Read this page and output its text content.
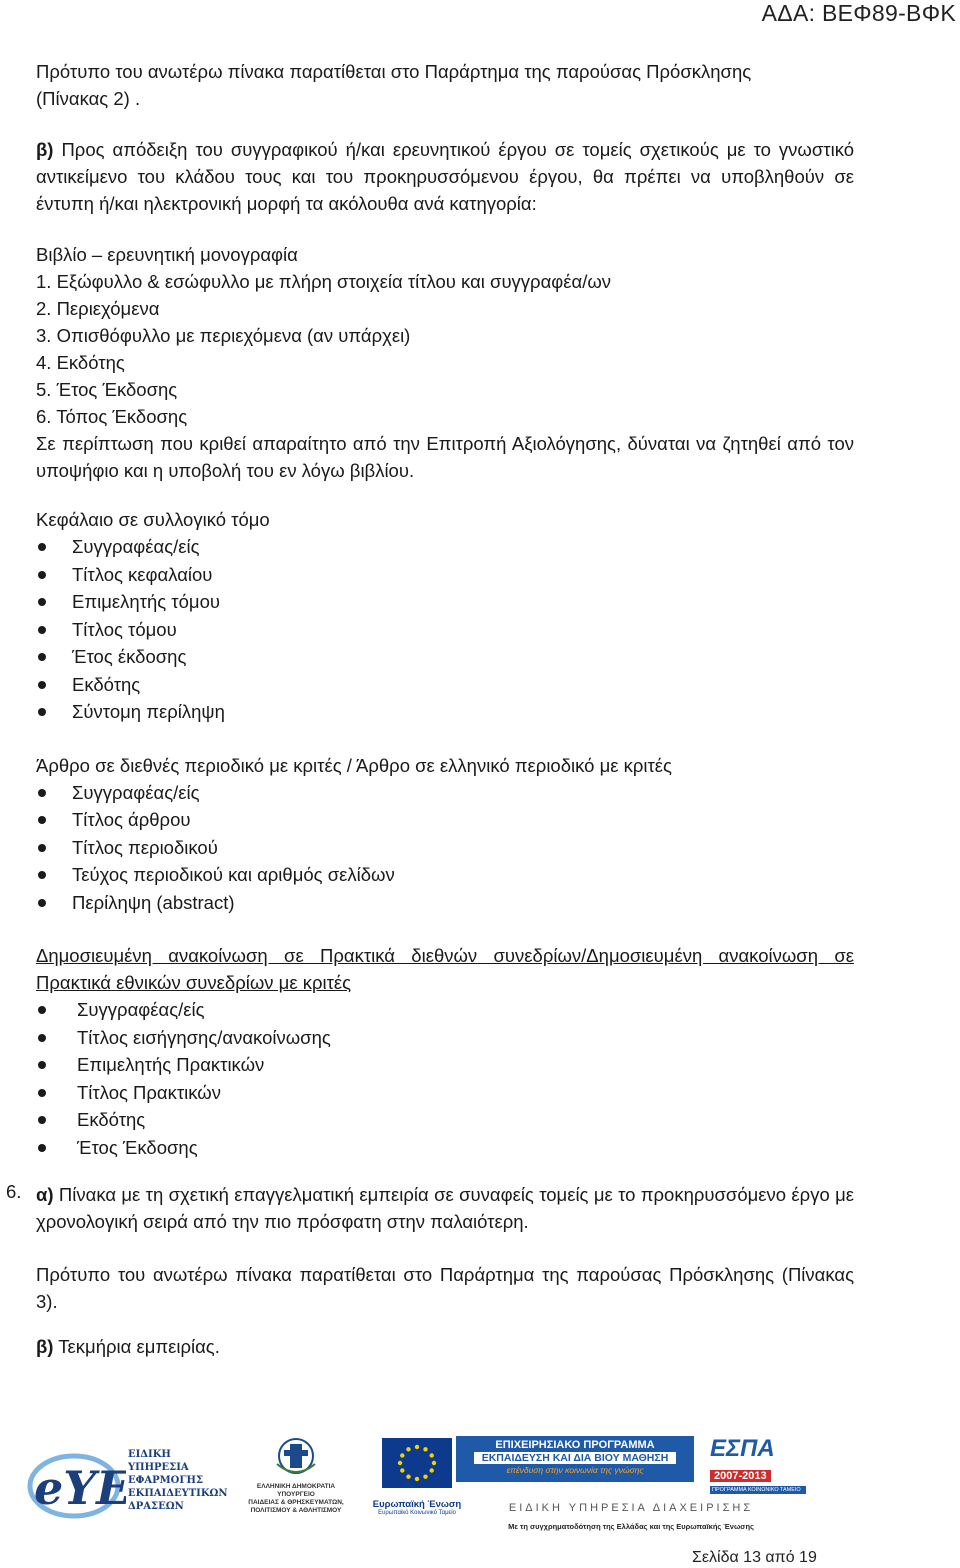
ΑΔΑ: ΒΕΦ89-ΒΦΚ

Πρότυπο του ανωτέρω πίνακα παρατίθεται στο Παράρτημα της παρούσας Πρόσκλησης

(Πίνακας 2) .

β) Προς απόδειξη του συγγραφικού ή/και ερευνητικού έργου σε τομείς σχετικούς με το γνωστικό αντικείμενο του κλάδου τους και του προκηρυσσόμενου έργου, θα πρέπει να υποβληθούν σε έντυπη ή/και ηλεκτρονική μορφή τα ακόλουθα ανά κατηγορία:

Βιβλίο – ερευνητική μονογραφία

1. Εξώφυλλο & εσώφυλλο με πλήρη στοιχεία τίτλου και συγγραφέα/ων

2. Περιεχόμενα

3. Οπισθόφυλλο με περιεχόμενα (αν υπάρχει)

4. Εκδότης

5. Έτος Έκδοσης

6. Τόπος Έκδοσης

Σε περίπτωση που κριθεί απαραίτητο από την Επιτροπή Αξιολόγησης, δύναται να ζητηθεί από τον υποψήφιο και η υποβολή του εν λόγω βιβλίου.

Κεφάλαιο σε συλλογικό τόμο

Συγγραφέας/είς
Τίτλος κεφαλαίου
Επιμελητής τόμου
Τίτλος τόμου
Έτος έκδοσης
Εκδότης
Σύντομη περίληψη

Άρθρο σε διεθνές περιοδικό με κριτές / Άρθρο σε ελληνικό περιοδικό με κριτές

Συγγραφέας/είς
Τίτλος άρθρου
Τίτλος περιοδικού
Τεύχος περιοδικού και αριθμός σελίδων
Περίληψη (abstract)

Δημοσιευμένη ανακοίνωση σε Πρακτικά διεθνών συνεδρίων/Δημοσιευμένη ανακοίνωση σε Πρακτικά εθνικών συνεδρίων με κριτές

Συγγραφέας/είς
Τίτλος εισήγησης/ανακοίνωσης
Επιμελητής Πρακτικών
Τίτλος Πρακτικών
Εκδότης
Έτος Έκδοσης
6. α) Πίνακα με τη σχετική επαγγελματική εμπειρία σε συναφείς τομείς με το προκηρυσσόμενο έργο με χρονολογική σειρά από την πιο πρόσφατη στην παλαιότερη.

Πρότυπο του ανωτέρω πίνακα παρατίθεται στο Παράρτημα της παρούσας Πρόσκλησης (Πίνακας 3).

β) Τεκμήρια εμπειρίας.

eYE
ΕΙΔΙΚΗ
ΥΠΗΡΕΣΙΑ
ΕΦΑΡΜΟΓΗΣ
ΕΚΠΑΙΔΕΥΤΙΚΩΝ
ΔΡΑΣΕΩΝ
ΕΛΛΗΝΙΚΗ ΔΗΜΟΚΡΑΤΙΑ
ΥΠΟΥΡΓΕΙΟ
ΠΑΙΔΕΙΑΣ & ΘΡΗΣΚΕΥΜΑΤΩΝ,
ΠΟΛΙΤΙΣΜΟΥ & ΑΘΛΗΤΙΣΜΟΥ
Ευρωπαϊκή Ένωση
Ευρωπαϊκό Κοινωνικό Ταμείο
ΕΠΙΧΕΙΡΗΣΙΑΚΟ ΠΡΟΓΡΑΜΜΑ
ΕΚΠΑΙΔΕΥΣΗ ΚΑΙ ΔΙΑ ΒΙΟΥ ΜΑΘΗΣΗ
επένδυση στην κοινωνία της γνώσης
ΕΣΠΑ
2007-2013
ΠΡΟΓΡΑΜΜΑ ΚΟΙΝΩΝΙΚΟ ΤΑΜΕΙΟ
ΕΙΔΙΚΗ ΥΠΗΡΕΣΙΑ ΔΙΑΧΕΙΡΙΣΗΣ
Με τη συγχρηματοδότηση της Ελλάδας και της Ευρωπαϊκής Ένωσης
Σελίδα 13 από 19
